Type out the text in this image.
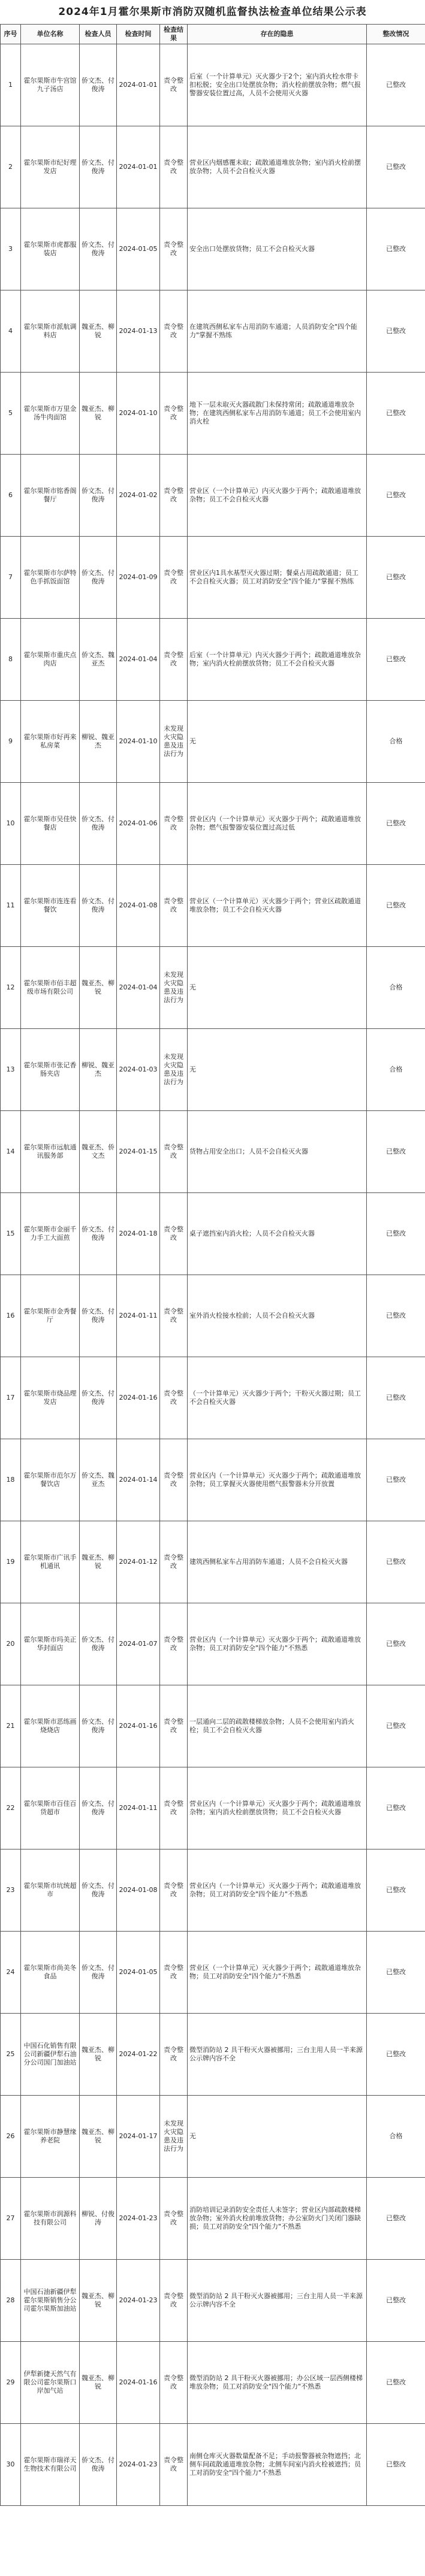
2024年1月霍尔果斯市消防双随机监督执法检查单位结果公示表
序号	单位名称	检查人员	检查时间	检查结果	存在的隐患	整改情况
1	霍尔果斯市牛宫馆九子汤店	侨文杰、付俊涛	2024-01-01	责令整改	后室（一个计算单元）灭火器少于2个；室内消火栓水带卡扣松脱；安全出口处摆放杂物；消火栓前摆放杂物；燃气报警器安装位置过高，人员不会使用灭火器	已整改
2	霍尔果斯市纪好理发店	侨文杰、付俊涛	2024-01-01	责令整改	营业区内烟感覆未取；疏散通道堆放杂物；室内消火栓前摆放杂物；人员不会自检灭火器	已整改
3	霍尔果斯市虎都服装店	侨文杰、付俊涛	2024-01-05	责令整改	安全出口处摆放货物；员工不会自检灭火器	已整改
4	霍尔果斯市派航调料店	魏亚杰、柳锐	2024-01-13	责令整改	在建筑西侧私家车占用消防车通道；人员消防安全"四个能力"掌握不熟练	已整改
5	霍尔果斯市万里金汤牛肉面馆	魏亚杰、柳锐	2024-01-10	责令整改	地下一层未取灭火器疏散门未保持常闭；疏散通道堆放杂物；在建筑西侧私家车占用消防车通道；员工不会使用室内消火栓	已整改
6	霍尔果斯市铭香阁餐厅	侨文杰、付俊涛	2024-01-02	责令整改	营业区（一个计算单元）内灭火器少于两个；疏散通道堆放杂物；员工不会自检灭火器	已整改
7	霍尔果斯市尔萨特色手抓饭面馆	侨文杰、付俊涛	2024-01-09	责令整改	营业区内1具水基型灭火器过期；餐桌占用疏散通道；员工不会自检灭火器；员工对消防安全"四个能力"掌握不熟练	已整改
8	霍尔果斯市重庆点肉店	侨文杰、魏亚杰	2024-01-04	责令整改	后室（一个计算单元）内灭火器少于两个；疏散通道堆放杂物；室内消火栓前摆放货物；员工不会自检灭火器	已整改
9	霍尔果斯市好再来私房菜	柳锐、魏亚杰	2024-01-10	未发现火灾隐患及违法行为	无	合格
10	霍尔果斯市吴佳快餐店	侨文杰、付俊涛	2024-01-06	责令整改	营业区内（一个计算单元）灭火器少于两个；疏散通道堆放杂物；燃气报警器安装位置过高过低	已整改
11	霍尔果斯市连连看餐饮	侨文杰、付俊涛	2024-01-08	责令整改	营业区（一个计算单元）灭火器少于两个；营业区疏散通道堆放杂物；员工不会自检灭火器	已整改
12	霍尔果斯市佰丰超级市场有限公司	魏亚杰、柳锐	2024-01-04	未发现火灾隐患及违法行为	无	合格
13	霍尔果斯市张记香肠夹店	柳锐、魏亚杰	2024-01-03	未发现火灾隐患及违法行为	无	合格
14	霍尔果斯市远航通讯服务部	魏亚杰、侨文杰	2024-01-15	责令整改	货物占用安全出口；人员不会自检灭火器	已整改
15	霍尔果斯市金丽千力手工大面煎	侨文杰、付俊涛	2024-01-18	责令整改	桌子遮挡室内消火栓；人员不会自检灭火器	已整改
16	霍尔果斯市金秀餐厅	侨文杰、付俊涛	2024-01-11	责令整改	室外消火栓接水栓前；人员不会自检灭火器	已整改
17	霍尔果斯市烧品理发店	侨文杰、付俊涛	2024-01-16	责令整改	（一个计算单元）灭火器少于两个；干粉灭火器过期；员工不会自检灭火器	已整改
18	霍尔果斯市范尔万餐饮店	侨文杰、魏亚杰	2024-01-14	责令整改	营业区内（一个计算单元）灭火器少于两个；疏散通道堆放杂物；员工掌握灭火器使用燃气报警器未分开放置	已整改
19	霍尔果斯市广讯手机通讯	魏亚杰、柳锐	2024-01-12	责令整改	建筑西侧私家车占用消防车通道；人员不会自检灭火器	已整改
20	霍尔果斯市玛美正华封面店	侨文杰、付俊涛	2024-01-07	责令整改	营业区内（一个计算单元）灭火器少于两个；疏散通道堆放杂物；员工对消防安全"四个能力"不熟悉	已整改
21	霍尔果斯市恶练画烧烧店	侨文杰、付俊涛	2024-01-16	责令整改	一层通向二层的疏散楼梯放杂物；人员不会使用室内消火栓；员工不会自检灭火器	已整改
22	霍尔果斯市百佳百货超市	侨文杰、付俊涛	2024-01-11	责令整改	营业区内（一个计算单元）灭火器少于两个；疏散通道堆放杂物；室内消火栓前摆放货物；员工不会自检灭火器	已整改
23	霍尔果斯市坑统超市	侨文杰、付俊涛	2024-01-08	责令整改	营业区内（一个计算单元）灭火器少于两个；疏散通道堆放杂物；员工对消防安全"四个能力"不熟悉	已整改
24	霍尔果斯市尚美冬食品	侨文杰、付俊涛	2024-01-05	责令整改	营业区（一个计算单元）灭火器少于两个；疏散通道堆放杂物；员工对消防安全"四个能力"不熟悉	已整改
25	中国石化销售有限公司新疆伊犁石油分公司国门加油站	魏亚杰、柳锐	2024-01-22	责令整改	微型消防站 2 具干粉灭火器被挪用；三台主用人员一半来源公示牌内容不全	已整改
26	霍尔果斯市静慧缘养老院	魏亚杰、柳锐	2024-01-17	未发现火灾隐患及违法行为	无	合格
27	霍尔果斯市润源科技有限公司	柳锐、付俊涛	2024-01-23	责令整改	消防培训记录消防安全责任人未签字；营业区内部疏散楼梯放杂物；室外消火栓前堆放货物；办公室防火门关闭门器缺损；员工对消防安全"四个能力"不熟悉	已整改
28	中国石油新疆伊犁霍尔果斯销售分公司霍尔果斯加油站	魏亚杰、柳锐	2024-01-23	责令整改	微型消防站 2 具干粉灭火器被挪用；三台主用人员一半来源公示牌内容不全	已整改
29	伊犁新捷天然气有限公司霍尔果斯口岸加气站	魏亚杰、柳锐	2024-01-16	责令整改	微型消防站 2 具干粉灭火器被挪用；办公区域一层西侧楼梯堆放杂物；员工对消防安全"四个能力"不熟悉	已整改
30	霍尔果斯市瑞祥天生物技术有限公司	侨文杰、付俊涛	2024-01-23	责令整改	南侧仓库灭火器数量配备不足；手动报警器被杂物遮挡；北侧车间疏散通道堆放杂物；北侧车间室内消火栓被遮挡；员工对消防安全"四个能力"不熟悉	已整改
